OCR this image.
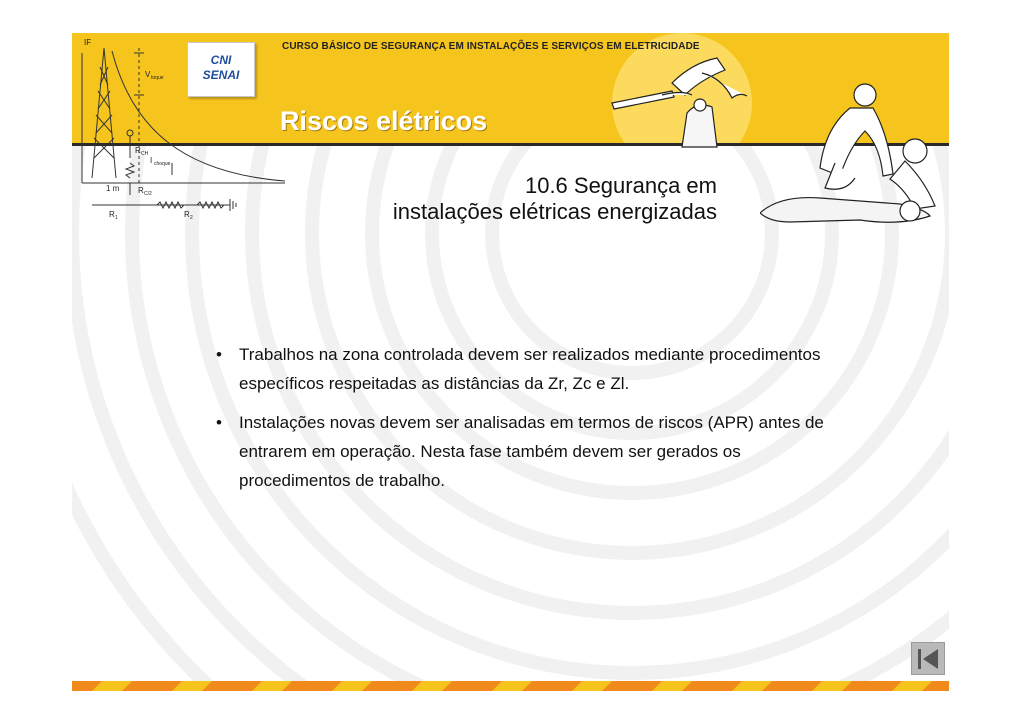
IF
V toque
R CH
I choque
1 m R C/2
R 1	R 2
CNI
SENAI
CURSO BÁSICO DE SEGURANÇA EM INSTALAÇÕES E SERVIÇOS EM ELETRICIDADE
Riscos elétricos
10.6 Segurança em
instalações elétricas energizadas
• Trabalhos na zona controlada devem ser realizados mediante procedimentos específicos respeitadas as distâncias da Zr, Zc e Zl.
• Instalações novas devem ser analisadas em termos de riscos (APR) antes de entrarem em operação. Nesta fase também devem ser gerados os procedimentos de trabalho.
